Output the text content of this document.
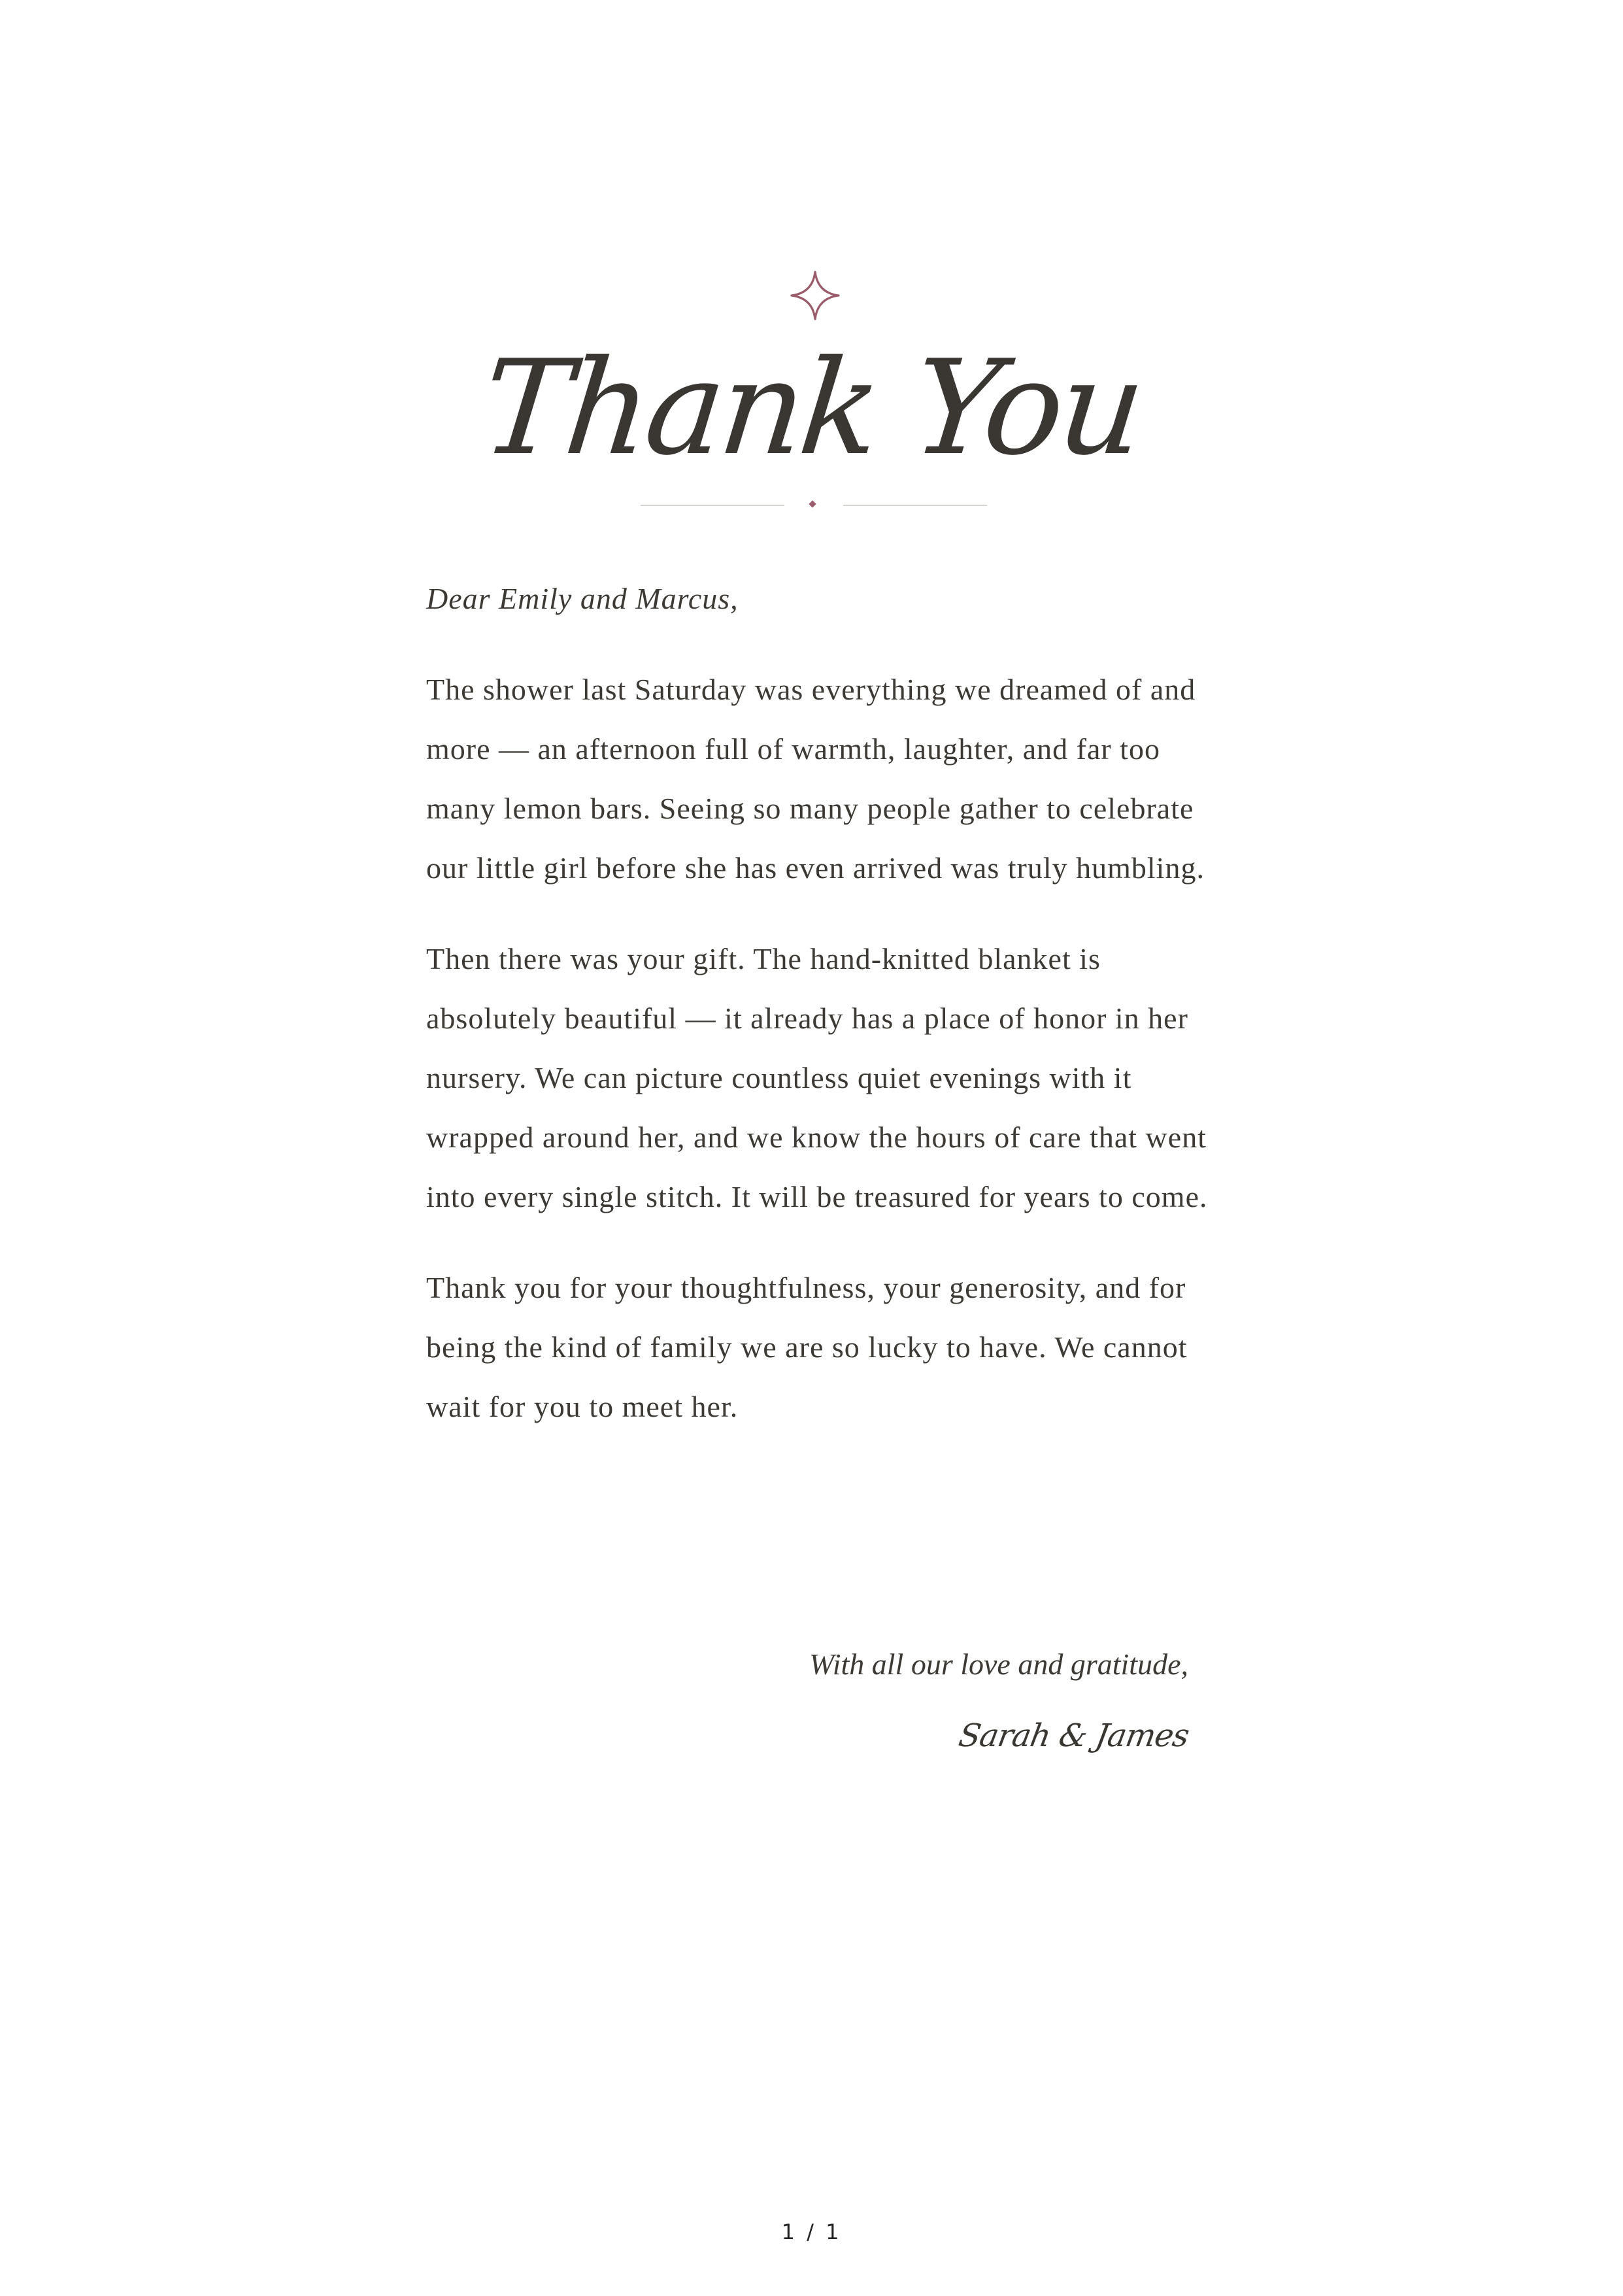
Thank You

Dear Emily and Marcus,

The shower last Saturday was everything we dreamed of and more — an afternoon full of warmth, laughter, and far too many lemon bars. Seeing so many people gather to celebrate our little girl before she has even arrived was truly humbling.

Then there was your gift. The hand-knitted blanket is absolutely beautiful — it already has a place of honor in her nursery. We can picture countless quiet evenings with it wrapped around her, and we know the hours of care that went into every single stitch. It will be treasured for years to come.

Thank you for your thoughtfulness, your generosity, and for being the kind of family we are so lucky to have. We cannot wait for you to meet her.

With all our love and gratitude,
Sarah & James
1 / 1
